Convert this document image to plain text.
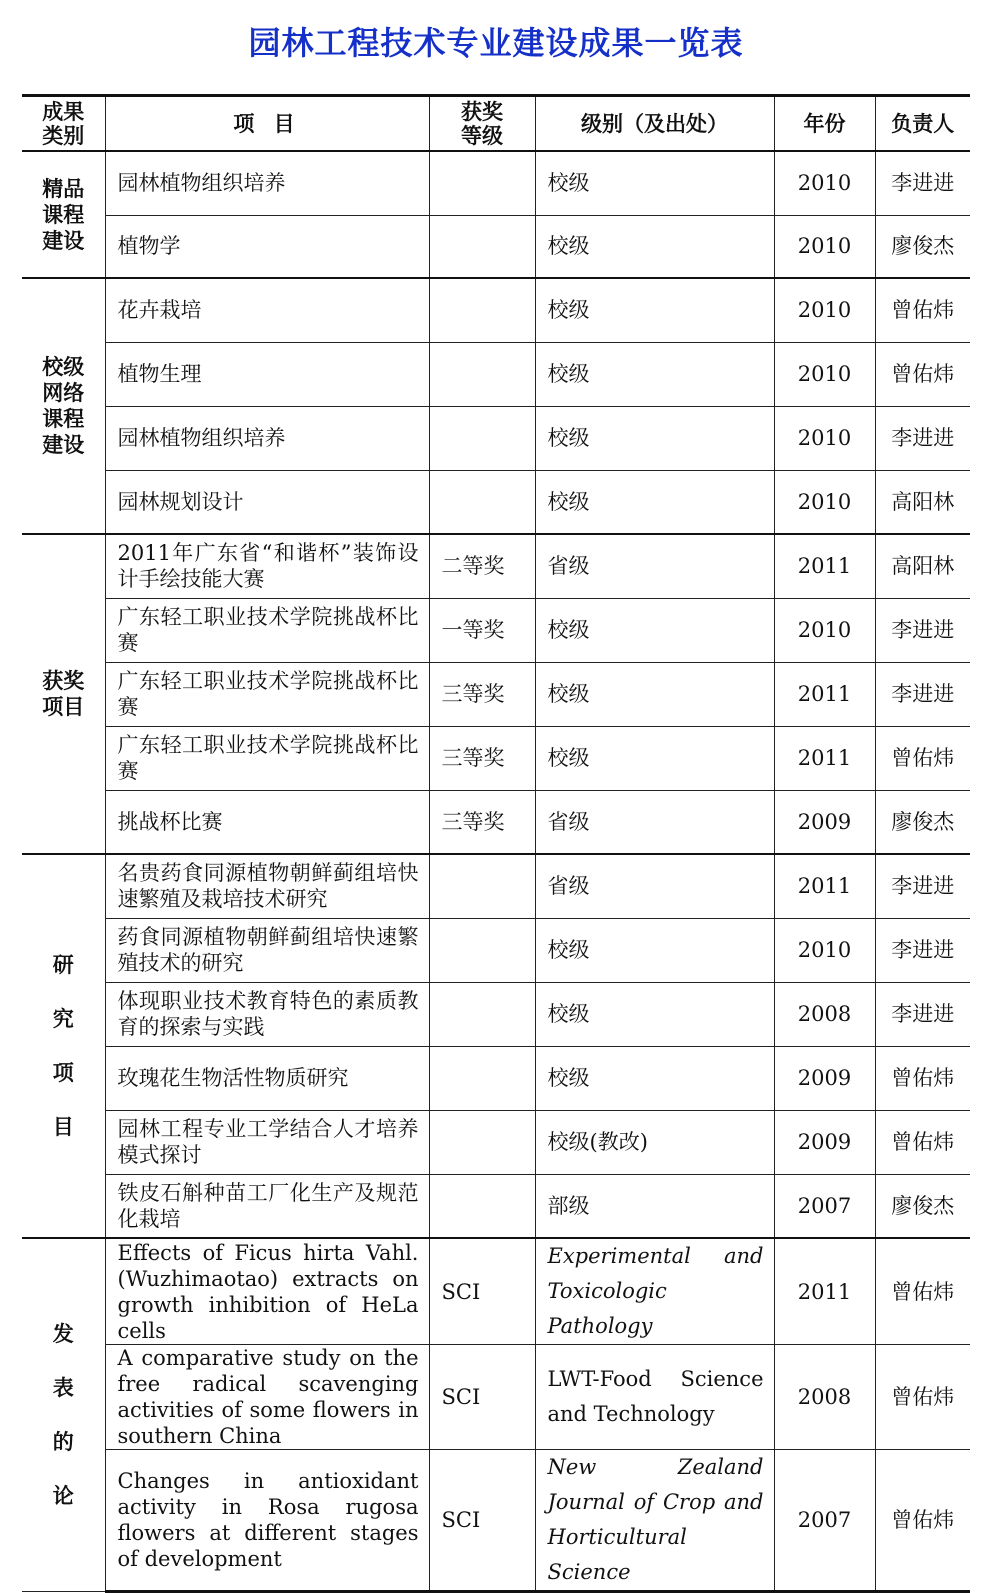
园林工程技术专业建设成果一览表
成果类别	项 目	获奖等级	级别（及出处）	年份	负责人

精品课程建设	园林植物组织培养		校级	2010	李进进
	植物学		校级	2010	廖俊杰

校级网络课程建设	花卉栽培		校级	2010	曾佑炜
	植物生理		校级	2010	曾佑炜
	园林植物组织培养		校级	2010	李进进
	园林规划设计		校级	2010	高阳林

获奖项目	2011年广东省“和谐杯”装饰设计手绘技能大赛	二等奖	省级	2011	高阳林
	广东轻工职业技术学院挑战杯比赛	一等奖	校级	2010	李进进
	广东轻工职业技术学院挑战杯比赛	三等奖	校级	2011	李进进
	广东轻工职业技术学院挑战杯比赛	三等奖	校级	2011	曾佑炜
	挑战杯比赛	三等奖	省级	2009	廖俊杰

研究项目	名贵药食同源植物朝鲜蓟组培快速繁殖及栽培技术研究		省级	2011	李进进
	药食同源植物朝鲜蓟组培快速繁殖技术的研究		校级	2010	李进进
	体现职业技术教育特色的素质教育的探索与实践		校级	2008	李进进
	玫瑰花生物活性物质研究		校级	2009	曾佑炜
	园林工程专业工学结合人才培养模式探讨		校级(教改)	2009	曾佑炜
	铁皮石斛种苗工厂化生产及规范化栽培		部级	2007	廖俊杰

发表的论	Effects of Ficus hirta Vahl. (Wuzhimaotao) extracts on growth inhibition of HeLa cells	SCI	Experimental and Toxicologic Pathology	2011	曾佑炜
	A comparative study on the free radical scavenging activities of some flowers in southern China	SCI	LWT-Food Science and Technology	2008	曾佑炜
	Changes in antioxidant activity in Rosa rugosa flowers at different stages of development	SCI	New Zealand Journal of Crop and Horticultural Science	2007	曾佑炜
